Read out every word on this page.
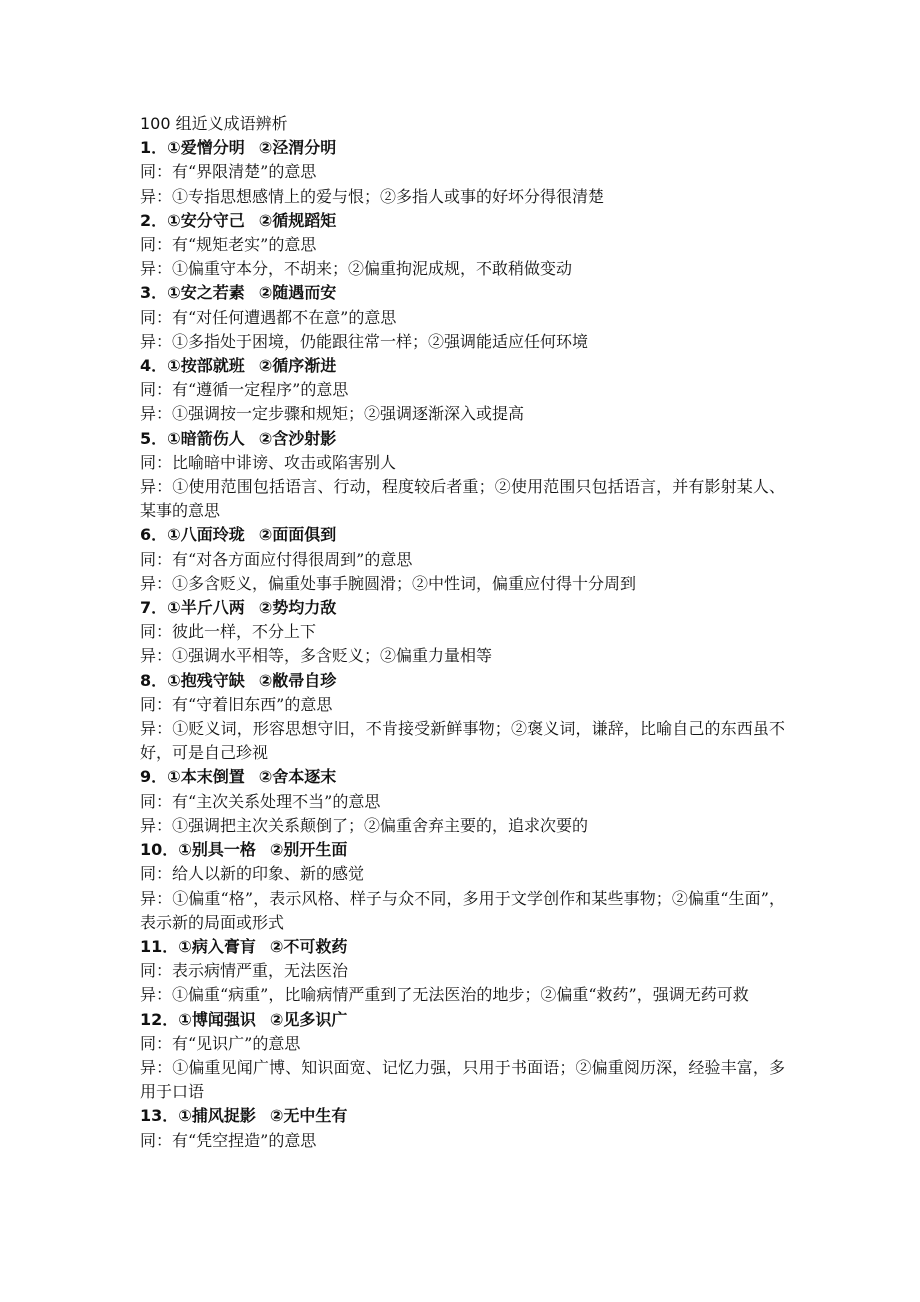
100 组近义成语辨析
1．①爱憎分明 ②泾渭分明
同：有“界限清楚”的意思
异：①专指思想感情上的爱与恨；②多指人或事的好坏分得很清楚
2．①安分守己 ②循规蹈矩
同：有“规矩老实”的意思
异：①偏重守本分，不胡来；②偏重拘泥成规，不敢稍做变动
3．①安之若素 ②随遇而安
同：有“对任何遭遇都不在意”的意思
异：①多指处于困境，仍能跟往常一样；②强调能适应任何环境
4．①按部就班 ②循序渐进
同：有“遵循一定程序”的意思
异：①强调按一定步骤和规矩；②强调逐渐深入或提高
5．①暗箭伤人 ②含沙射影
同：比喻暗中诽谤、攻击或陷害别人
异：①使用范围包括语言、行动，程度较后者重；②使用范围只包括语言，并有影射某人、某事的意思
6．①八面玲珑 ②面面俱到
同：有“对各方面应付得很周到”的意思
异：①多含贬义，偏重处事手腕圆滑；②中性词，偏重应付得十分周到
7．①半斤八两 ②势均力敌
同：彼此一样，不分上下
异：①强调水平相等，多含贬义；②偏重力量相等
8．①抱残守缺 ②敝帚自珍
同：有“守着旧东西”的意思
异：①贬义词，形容思想守旧，不肯接受新鲜事物；②褒义词，谦辞，比喻自己的东西虽不好，可是自己珍视
9．①本末倒置 ②舍本逐末
同：有“主次关系处理不当”的意思
异：①强调把主次关系颠倒了；②偏重舍弃主要的，追求次要的
10．①别具一格 ②别开生面
同：给人以新的印象、新的感觉
异：①偏重“格”，表示风格、样子与众不同，多用于文学创作和某些事物；②偏重“生面”，表示新的局面或形式
11．①病入膏肓 ②不可救药
同：表示病情严重，无法医治
异：①偏重“病重”，比喻病情严重到了无法医治的地步；②偏重“救药”，强调无药可救
12．①博闻强识 ②见多识广
同：有“见识广”的意思
异：①偏重见闻广博、知识面宽、记忆力强，只用于书面语；②偏重阅历深，经验丰富，多用于口语
13．①捕风捉影 ②无中生有
同：有“凭空捏造”的意思
